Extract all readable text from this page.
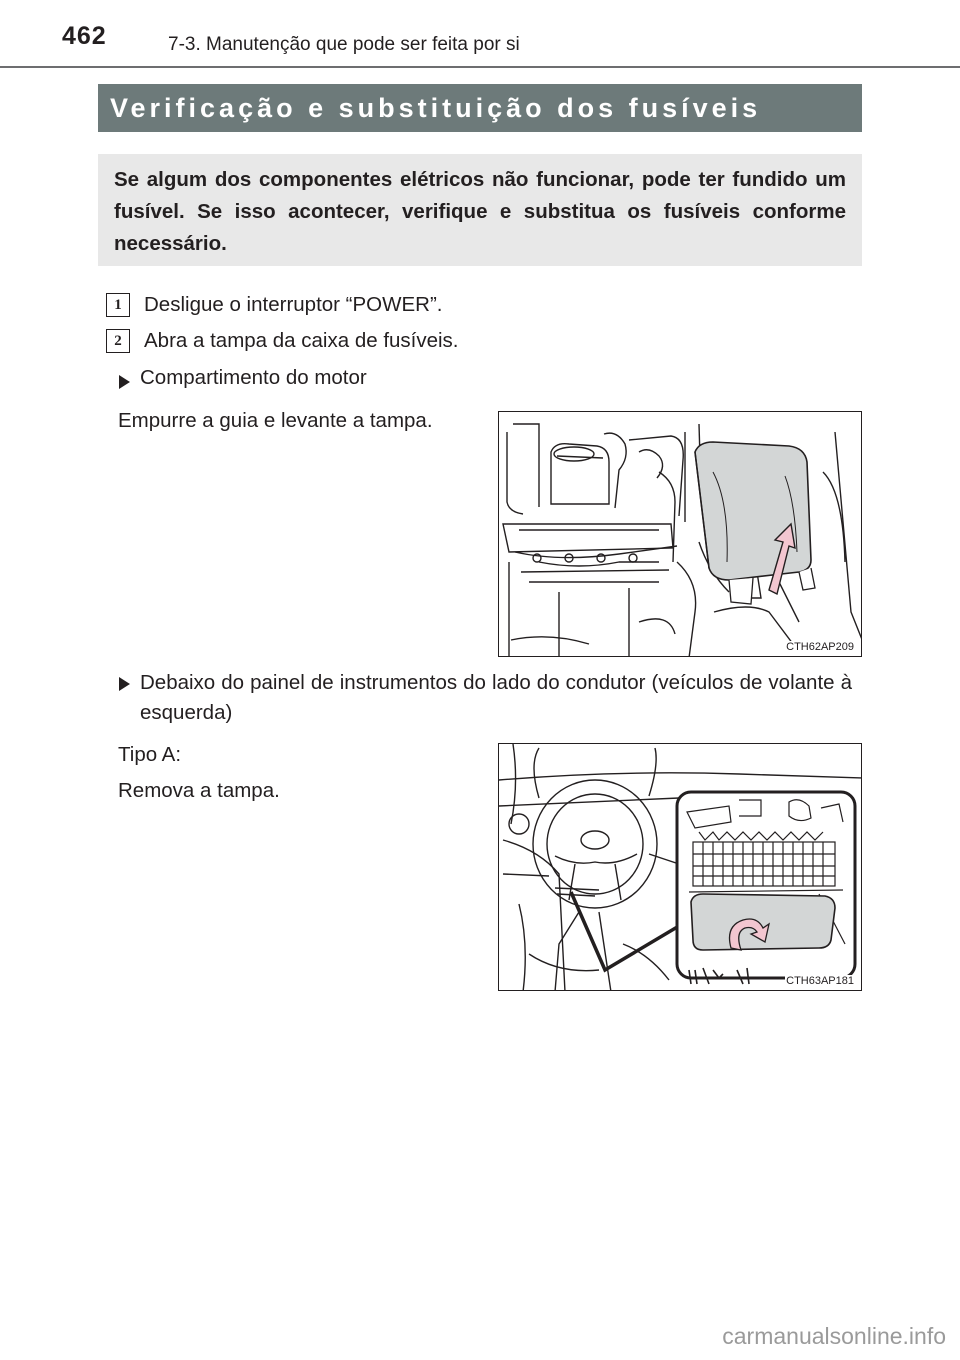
462	7-3. Manutenção que pode ser feita por si
Verificação e substituição dos fusíveis

Se algum dos componentes elétricos não funcionar, pode ter fundido um fusível. Se isso acontecer, verifique e substitua os fusíveis conforme necessário.

1	Desligue o interruptor “POWER”.
2	Abra a tampa da caixa de fusíveis.
Compartimento do motor

Empurre a guia e levante a tampa.

CTH62AP209
Debaixo do painel de instrumentos do lado do condutor (veículos de volante à esquerda)

Tipo A:

Remova a tampa.

CTH63AP181
carmanualsonline.info
